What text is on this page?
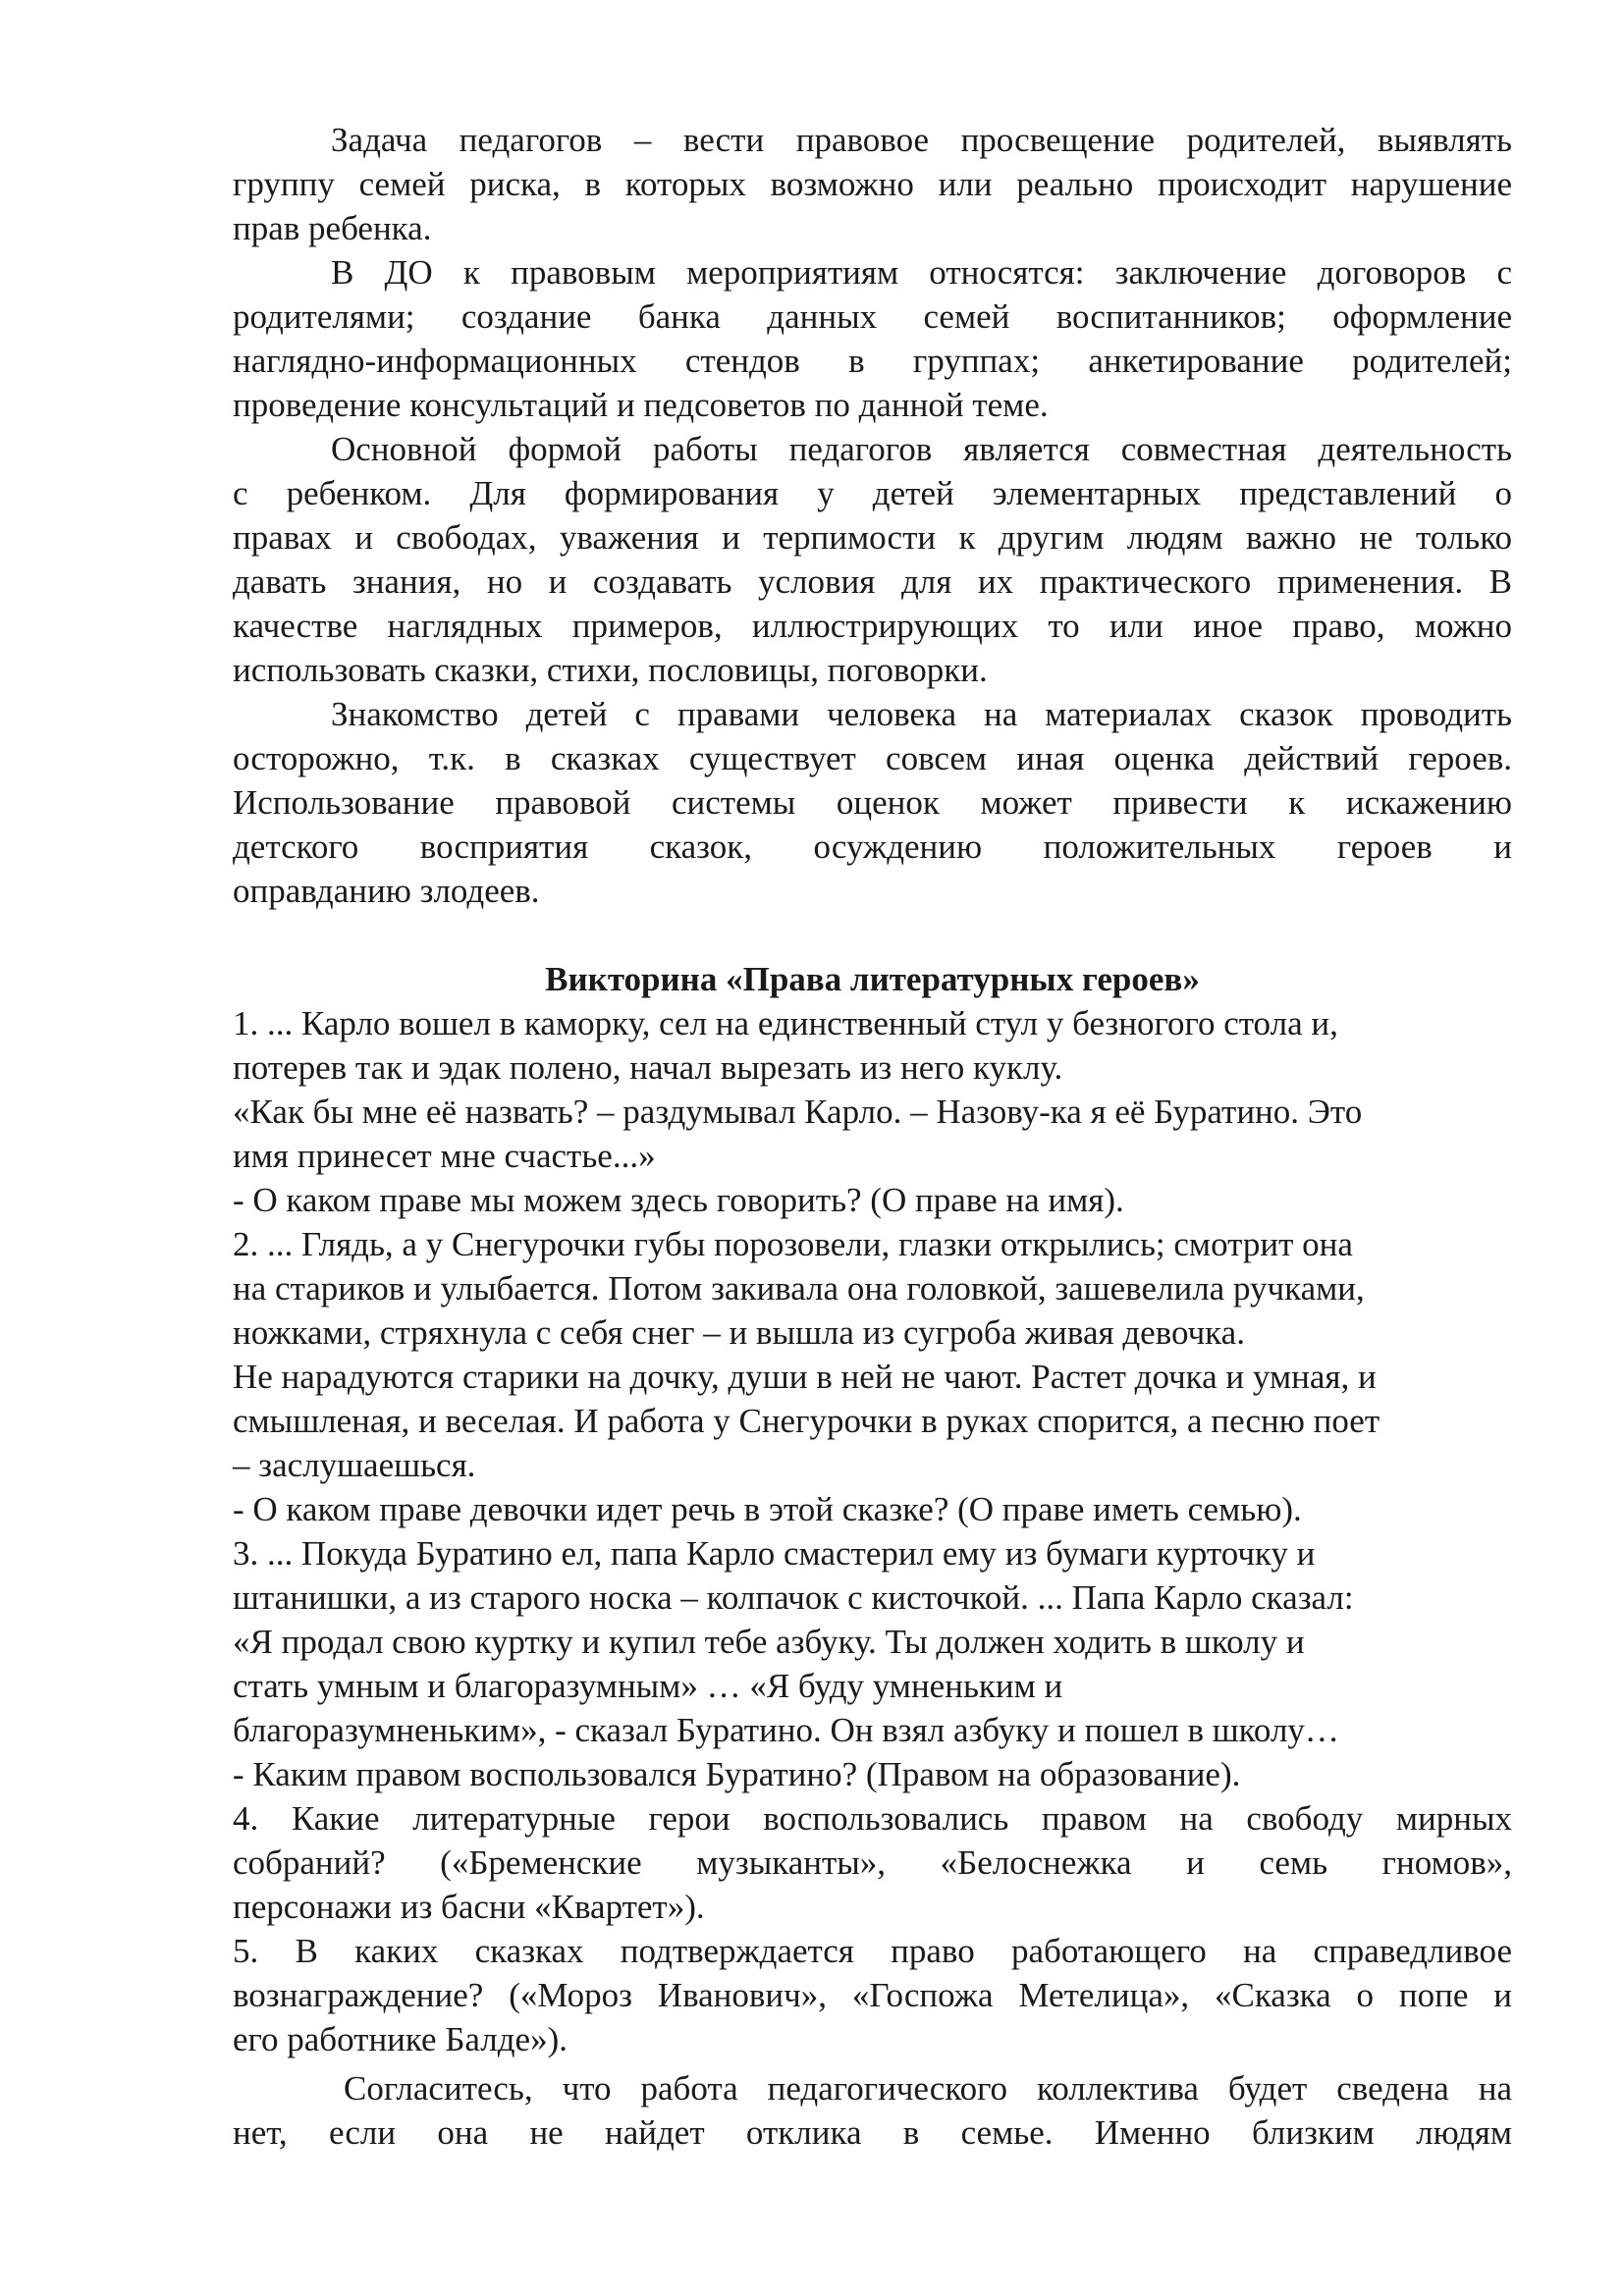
Задача педагогов – вести правовое просвещение родителей, выявлять
группу семей риска, в которых возможно или реально происходит нарушение
прав ребенка.
В ДО к правовым мероприятиям относятся: заключение договоров с
родителями; создание банка данных семей воспитанников; оформление
наглядно-информационных стендов в группах; анкетирование родителей;
проведение консультаций и педсоветов по данной теме.
Основной формой работы педагогов является совместная деятельность
с ребенком. Для формирования у детей элементарных представлений о
правах и свободах, уважения и терпимости к другим людям важно не только
давать знания, но и создавать условия для их практического применения. В
качестве наглядных примеров, иллюстрирующих то или иное право, можно
использовать сказки, стихи, пословицы, поговорки.
Знакомство детей с правами человека на материалах сказок проводить
осторожно, т.к. в сказках существует совсем иная оценка действий героев.
Использование правовой системы оценок может привести к искажению
детского восприятия сказок, осуждению положительных героев и
оправданию злодеев.
Викторина «Права литературных героев»
1. ... Карло вошел в каморку, сел на единственный стул у безногого стола и,
потерев так и эдак полено, начал вырезать из него куклу.
«Как бы мне её назвать? – раздумывал Карло. – Назову-ка я её Буратино. Это
имя принесет мне счастье...»
- О каком праве мы можем здесь говорить? (О праве на имя).
2. ... Глядь, а у Снегурочки губы порозовели, глазки открылись; смотрит она
на стариков и улыбается. Потом закивала она головкой, зашевелила ручками,
ножками, стряхнула с себя снег – и вышла из сугроба живая девочка.
Не нарадуются старики на дочку, души в ней не чают. Растет дочка и умная, и
смышленая, и веселая. И работа у Снегурочки в руках спорится, а песню поет
– заслушаешься.
- О каком праве девочки идет речь в этой сказке? (О праве иметь семью).
3. ... Покуда Буратино ел, папа Карло смастерил ему из бумаги курточку и
штанишки, а из старого носка – колпачок с кисточкой. ... Папа Карло сказал:
«Я продал свою куртку и купил тебе азбуку. Ты должен ходить в школу и
стать умным и благоразумным» … «Я буду умненьким и
благоразумненьким», - сказал Буратино. Он взял азбуку и пошел в школу…
- Каким правом воспользовался Буратино? (Правом на образование).
4. Какие литературные герои воспользовались правом на свободу мирных
собраний? («Бременские музыканты», «Белоснежка и семь гномов»,
персонажи из басни «Квартет»).
5. В каких сказках подтверждается право работающего на справедливое
вознаграждение? («Мороз Иванович», «Госпожа Метелица», «Сказка о попе и
его работнике Балде»).
Согласитесь, что работа педагогического коллектива будет сведена на
нет, если она не найдет отклика в семье. Именно близким людям
